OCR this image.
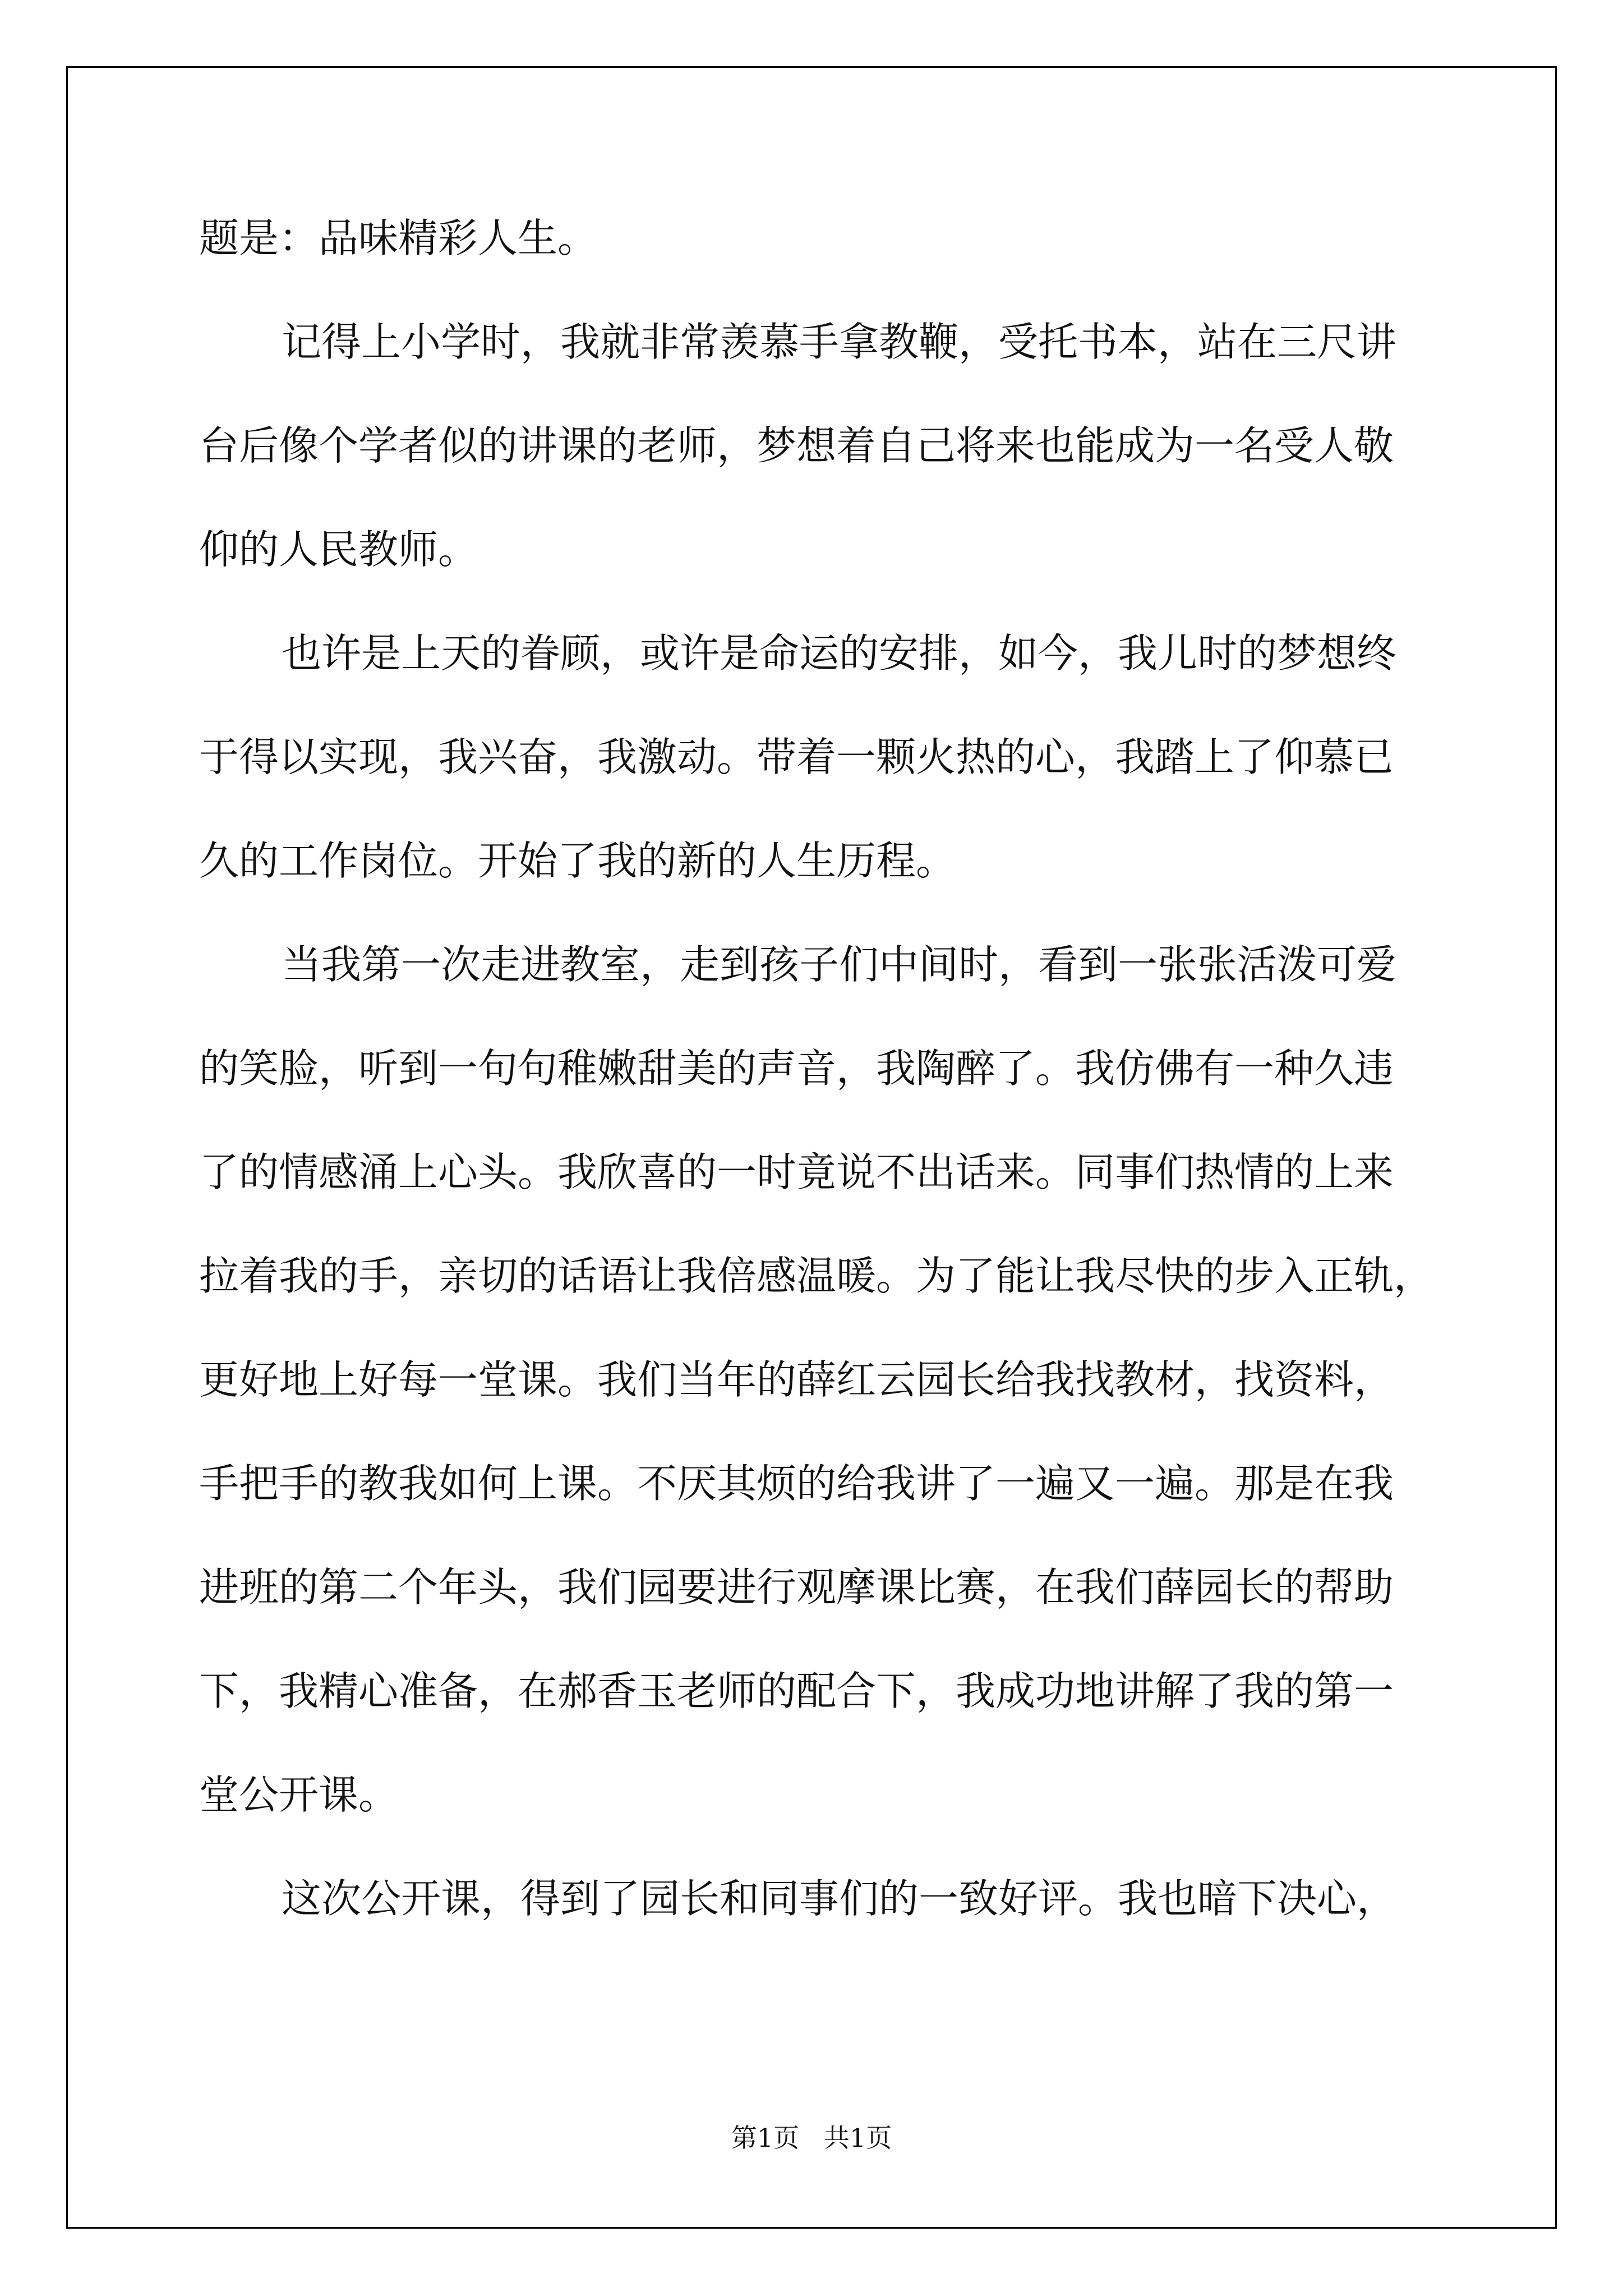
题是：品味精彩人生。
记得上小学时，我就非常羡慕手拿教鞭，受托书本，站在三尺讲
台后像个学者似的讲课的老师，梦想着自己将来也能成为一名受人敬
仰的人民教师。
也许是上天的眷顾，或许是命运的安排，如今，我儿时的梦想终
于得以实现，我兴奋，我激动。带着一颗火热的心，我踏上了仰慕已
久的工作岗位。开始了我的新的人生历程。
当我第一次走进教室，走到孩子们中间时，看到一张张活泼可爱
的笑脸，听到一句句稚嫩甜美的声音，我陶醉了。我仿佛有一种久违
了的情感涌上心头。我欣喜的一时竟说不出话来。同事们热情的上来
拉着我的手，亲切的话语让我倍感温暖。为了能让我尽快的步入正轨，
更好地上好每一堂课。我们当年的薛红云园长给我找教材，找资料，
手把手的教我如何上课。不厌其烦的给我讲了一遍又一遍。那是在我
进班的第二个年头，我们园要进行观摩课比赛，在我们薛园长的帮助
下，我精心准备，在郝香玉老师的配合下，我成功地讲解了我的第一
堂公开课。
这次公开课，得到了园长和同事们的一致好评。我也暗下决心，
第1页   共1页
